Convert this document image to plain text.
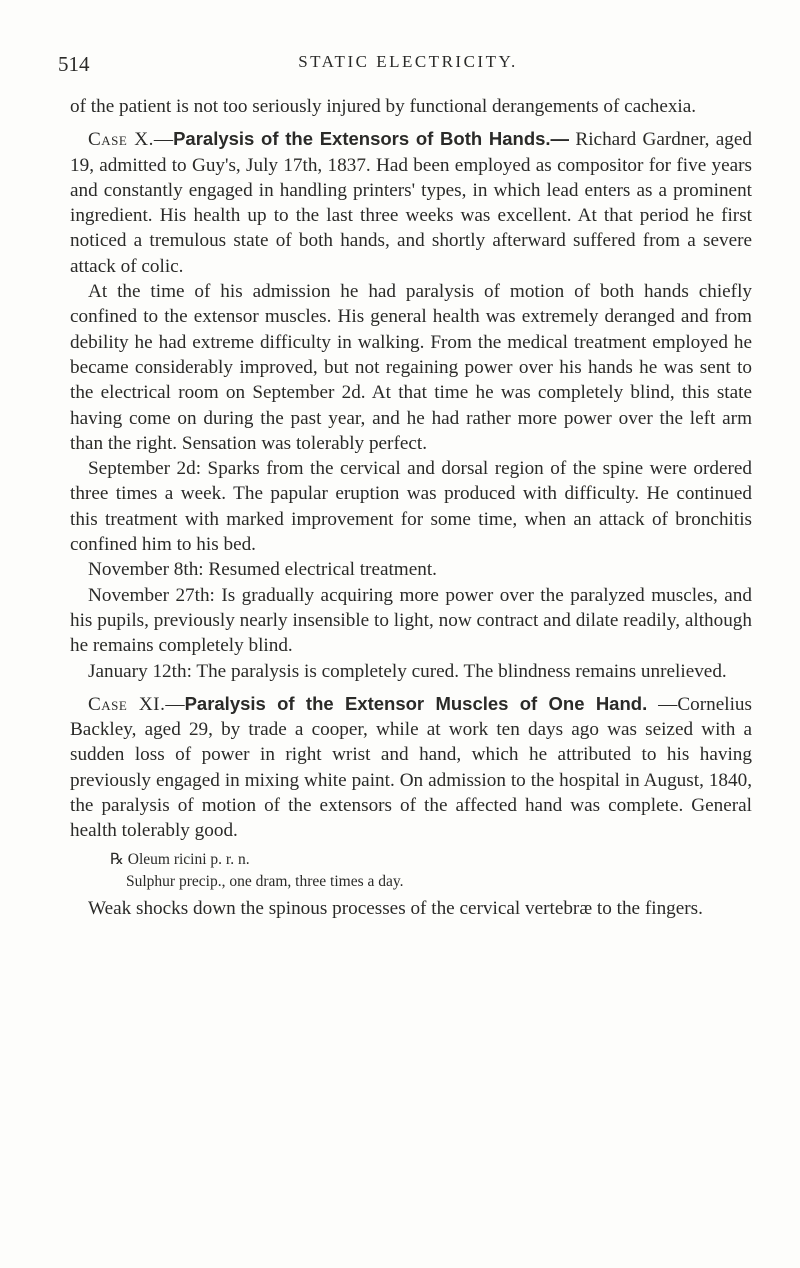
514	STATIC ELECTRICITY.

of the patient is not too seriously injured by functional derangements of cachexia.

Case X.—Paralysis of the Extensors of Both Hands.— Richard Gardner, aged 19, admitted to Guy's, July 17th, 1837. Had been employed as compositor for five years and constantly engaged in handling printers' types, in which lead enters as a prominent ingredient. His health up to the last three weeks was excellent. At that period he first noticed a tremulous state of both hands, and shortly afterward suffered from a severe attack of colic.

At the time of his admission he had paralysis of motion of both hands chiefly confined to the extensor muscles. His general health was extremely deranged and from debility he had extreme difficulty in walking. From the medical treatment employed he became considerably improved, but not regaining power over his hands he was sent to the electrical room on September 2d. At that time he was completely blind, this state having come on during the past year, and he had rather more power over the left arm than the right. Sensation was tolerably perfect.

September 2d: Sparks from the cervical and dorsal region of the spine were ordered three times a week. The papular eruption was produced with difficulty. He continued this treatment with marked improvement for some time, when an attack of bronchitis confined him to his bed.

November 8th: Resumed electrical treatment.

November 27th: Is gradually acquiring more power over the paralyzed muscles, and his pupils, previously nearly insensible to light, now contract and dilate readily, although he remains completely blind.

January 12th: The paralysis is completely cured. The blindness remains unrelieved.

Case XI.—Paralysis of the Extensor Muscles of One Hand. —Cornelius Backley, aged 29, by trade a cooper, while at work ten days ago was seized with a sudden loss of power in right wrist and hand, which he attributed to his having previously engaged in mixing white paint. On admission to the hospital in August, 1840, the paralysis of motion of the extensors of the affected hand was complete. General health tolerably good.

℞ Oleum ricini p. r. n.
Sulphur precip., one dram, three times a day.

Weak shocks down the spinous processes of the cervical vertebræ to the fingers.
